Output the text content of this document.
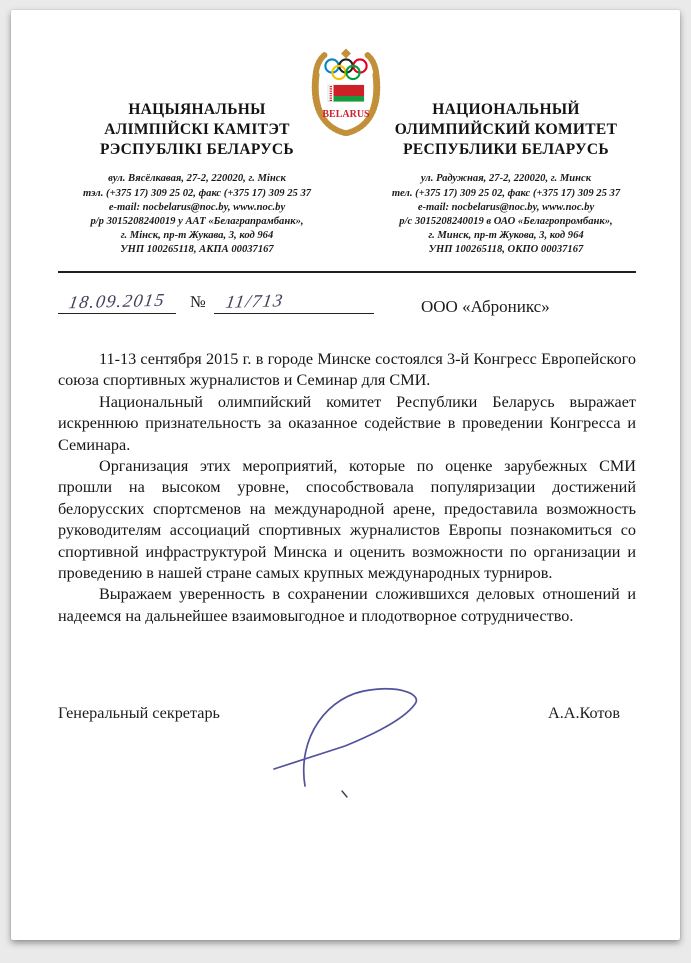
BELARUS
НАЦЫЯНАЛЬНЫ
АЛІМПІЙСКІ КАМІТЭТ
РЭСПУБЛІКІ БЕЛАРУСЬ
вул. Вясёлкавая, 27-2, 220020, г. Мінск
тэл. (+375 17) 309 25 02, факс (+375 17) 309 25 37
e-mail: nocbelarus@noc.by, www.noc.by
р/р 3015208240019 у ААТ «Белаграпрамбанк»,
г. Мінск, пр-т Жукава, 3, код 964
УНП 100265118, АКПА 00037167
НАЦИОНАЛЬНЫЙ
ОЛИМПИЙСКИЙ КОМИТЕТ
РЕСПУБЛИКИ БЕЛАРУСЬ
ул. Радужная, 27-2, 220020, г. Минск
тел. (+375 17) 309 25 02, факс (+375 17) 309 25 37
e-mail: nocbelarus@noc.by, www.noc.by
р/с 3015208240019 в ОАО «Белагропромбанк»,
г. Минск, пр-т Жукова, 3, код 964
УНП 100265118, ОКПО 00037167
18.09.2015 № 11/713	ООО «Аброникс»

11-13 сентября 2015 г. в городе Минске состоялся 3-й Конгресс Европейского союза спортивных журналистов и Семинар для СМИ.

Национальный олимпийский комитет Республики Беларусь выражает искреннюю признательность за оказанное содействие в проведении Конгресса и Семинара.

Организация этих мероприятий, которые по оценке зарубежных СМИ прошли на высоком уровне, способствовала популяризации достижений белорусских спортсменов на международной арене, предоставила возможность руководителям ассоциаций спортивных журналистов Европы познакомиться со спортивной инфраструктурой Минска и оценить возможности по организации и проведению в нашей стране самых крупных международных турниров.

Выражаем уверенность в сохранении сложившихся деловых отношений и надеемся на дальнейшее взаимовыгодное и плодотворное сотрудничество.

Генеральный секретарь	А.А.Котов
